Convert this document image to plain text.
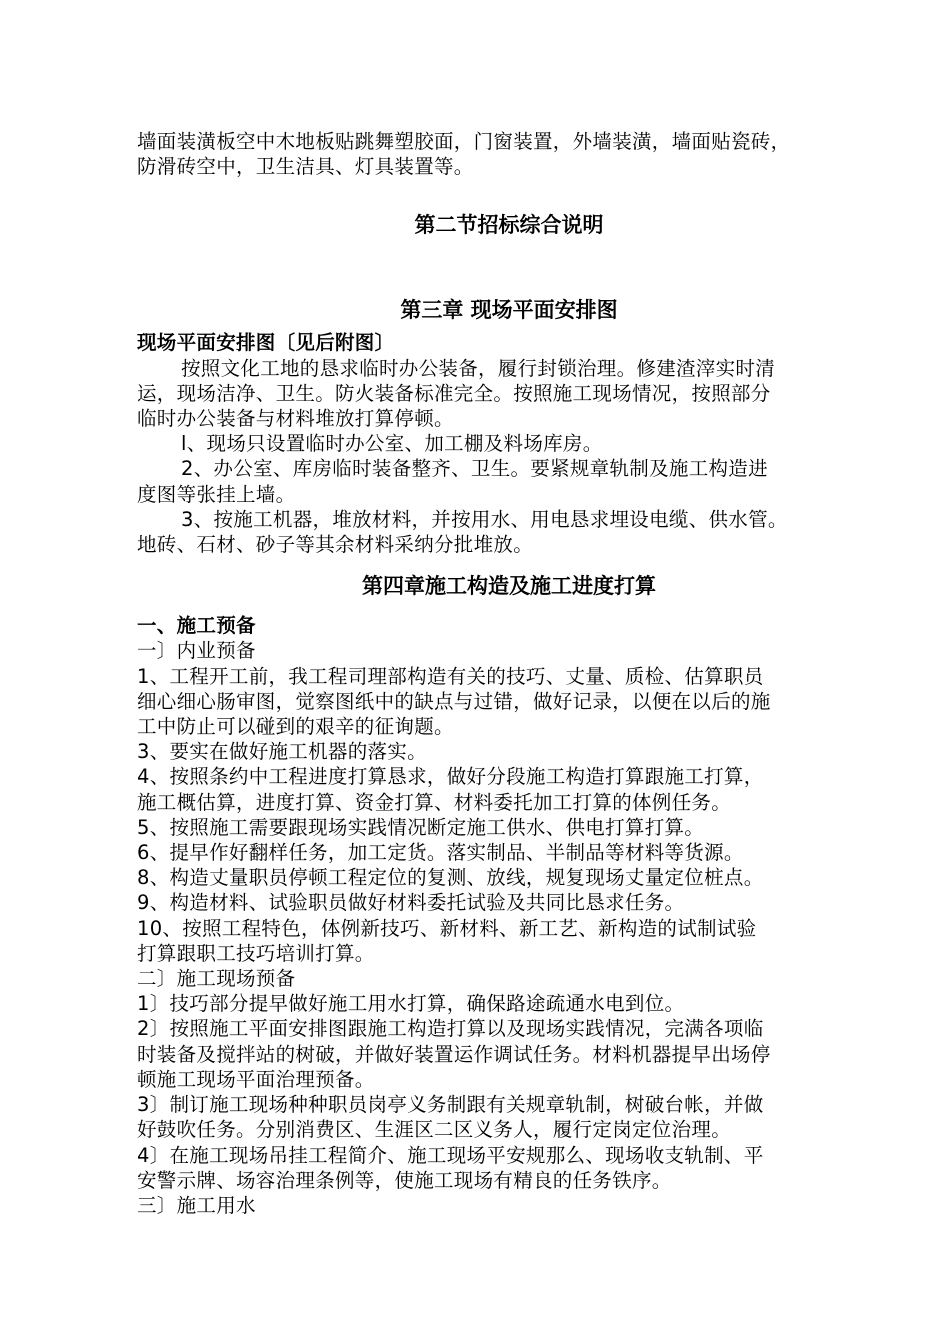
墙面装潢板空中木地板贴跳舞塑胶面，门窗装置，外墙装潢，墙面贴瓷砖，
防滑砖空中，卫生洁具、灯具装置等。
第二节招标综合说明
第三章 现场平面安排图
现场平面安排图〔见后附图〕
按照文化工地的恳求临时办公装备，履行封锁治理。修建渣滓实时清
运，现场洁净、卫生。防火装备标准完全。按照施工现场情况，按照部分
临时办公装备与材料堆放打算停顿。
l、现场只设置临时办公室、加工棚及料场库房。
2、办公室、库房临时装备整齐、卫生。要紧规章轨制及施工构造进
度图等张挂上墙。
3、按施工机器，堆放材料，并按用水、用电恳求埋设电缆、供水管。
地砖、石材、砂子等其余材料采纳分批堆放。
第四章施工构造及施工进度打算
一、施工预备
一〕内业预备
1、工程开工前，我工程司理部构造有关的技巧、丈量、质检、估算职员
细心细心肠审图，觉察图纸中的缺点与过错，做好记录，以便在以后的施
工中防止可以碰到的艰辛的征询题。
3、要实在做好施工机器的落实。
4、按照条约中工程进度打算恳求，做好分段施工构造打算跟施工打算，
施工概估算，进度打算、资金打算、材料委托加工打算的体例任务。
5、按照施工需要跟现场实践情况断定施工供水、供电打算打算。
6、提早作好翻样任务，加工定货。落实制品、半制品等材料等货源。
8、构造丈量职员停顿工程定位的复测、放线，规复现场丈量定位桩点。
9、构造材料、试验职员做好材料委托试验及共同比恳求任务。
10、按照工程特色，体例新技巧、新材料、新工艺、新构造的试制试验
打算跟职工技巧培训打算。
二〕施工现场预备
1〕技巧部分提早做好施工用水打算，确保路途疏通水电到位。
2〕按照施工平面安排图跟施工构造打算以及现场实践情况，完满各项临
时装备及搅拌站的树破，并做好装置运作调试任务。材料机器提早出场停
顿施工现场平面治理预备。
3〕制订施工现场种种职员岗亭义务制跟有关规章轨制，树破台帐，并做
好鼓吹任务。分别消费区、生涯区二区义务人，履行定岗定位治理。
4〕在施工现场吊挂工程简介、施工现场平安规那么、现场收支轨制、平
安警示牌、场容治理条例等，使施工现场有精良的任务铁序。
三〕施工用水
